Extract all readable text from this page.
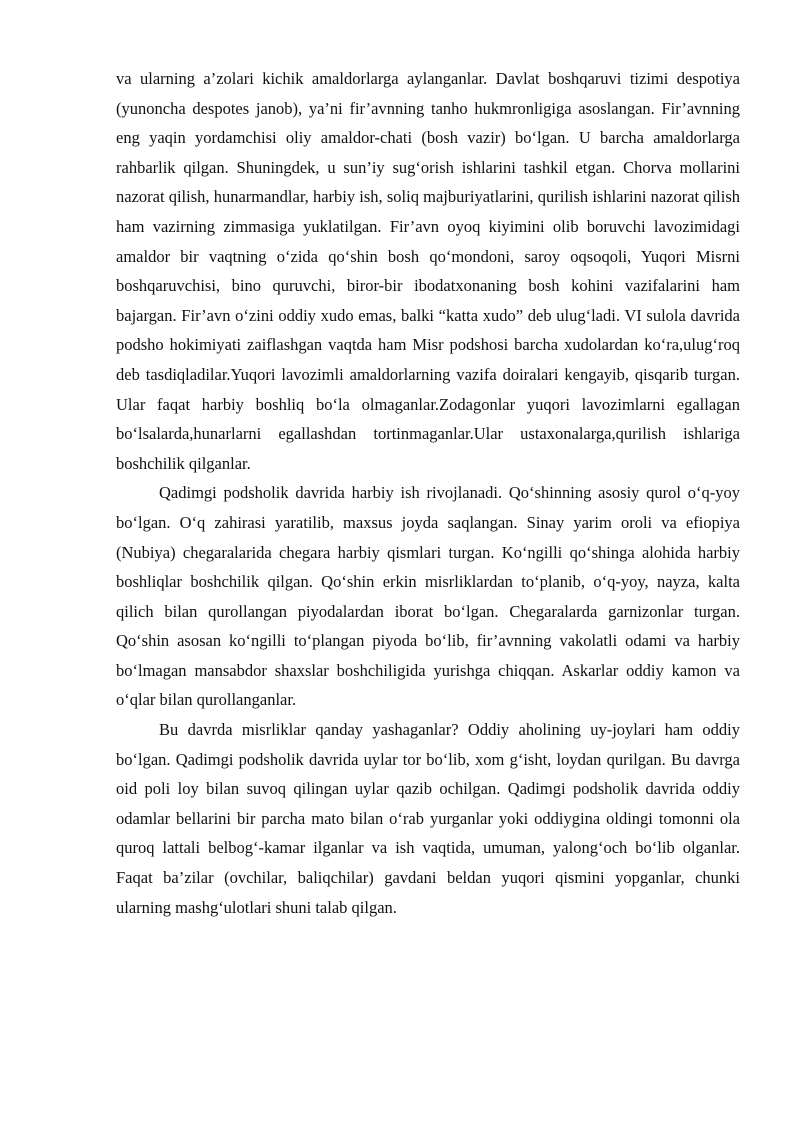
va ularning a’zolari kichik amaldorlarga aylanganlar. Davlat boshqaruvi tizimi despotiya (yunoncha despotes janob), ya’ni fir’avnning tanho hukmronligiga asoslangan. Fir’avnning eng yaqin yordamchisi oliy amaldor-chati (bosh vazir) bo‘lgan. U barcha amaldorlarga rahbarlik qilgan. Shuningdek, u sun’iy sug‘orish ishlarini tashkil etgan. Chorva mollarini nazorat qilish, hunarmandlar, harbiy ish, soliq majburiyatlarini, qurilish ishlarini nazorat qilish ham vazirning zimmasiga yuklatilgan. Fir’avn oyoq kiyimini olib boruvchi lavozimidagi amaldor bir vaqtning o‘zida qo‘shin bosh qo‘mondoni, saroy oqsoqoli, Yuqori Misrni boshqaruvchisi, bino quruvchi, biror-bir ibodatxonaning bosh kohini vazifalarini ham bajargan. Fir’avn o‘zini oddiy xudo emas, balki “katta xudo” deb ulug‘ladi. VI sulola davrida podsho hokimiyati zaiflashgan vaqtda ham Misr podshosi barcha xudolardan ko‘ra,ulug‘roq deb tasdiqladilar.Yuqori lavozimli amaldorlarning vazifa doiralari kengayib, qisqarib turgan. Ular faqat harbiy boshliq bo‘la olmaganlar.Zodagonlar yuqori lavozimlarni egallagan bo‘lsalarda,hunarlarni egallashdan tortinmaganlar.Ular ustaxonalarga,qurilish ishlariga boshchilik qilganlar.

Qadimgi podsholik davrida harbiy ish rivojlanadi. Qo‘shinning asosiy qurol o‘q-yoy bo‘lgan. O‘q zahirasi yaratilib, maxsus joyda saqlangan. Sinay yarim oroli va efiopiya (Nubiya) chegaralarida chegara harbiy qismlari turgan. Ko‘ngilli qo‘shinga alohida harbiy boshliqlar boshchilik qilgan. Qo‘shin erkin misrliklardan to‘planib, o‘q-yoy, nayza, kalta qilich bilan qurollangan piyodalardan iborat bo‘lgan. Chegaralarda garnizonlar turgan. Qo‘shin asosan ko‘ngilli to‘plangan piyoda bo‘lib, fir’avnning vakolatli odami va harbiy bo‘lmagan mansabdor shaxslar boshchiligida yurishga chiqqan. Askarlar oddiy kamon va o‘qlar bilan qurollanganlar.

Bu davrda misrliklar qanday yashaganlar? Oddiy aholining uy-joylari ham oddiy bo‘lgan. Qadimgi podsholik davrida uylar tor bo‘lib, xom g‘isht, loydan qurilgan. Bu davrga oid poli loy bilan suvoq qilingan uylar qazib ochilgan. Qadimgi podsholik davrida oddiy odamlar bellarini bir parcha mato bilan o‘rab yurganlar yoki oddiygina oldingi tomonni ola quroq lattali belbog‘-kamar ilganlar va ish vaqtida, umuman, yalong‘och bo‘lib olganlar. Faqat ba’zilar (ovchilar, baliqchilar) gavdani beldan yuqori qismini yopganlar, chunki ularning mashg‘ulotlari shuni talab qilgan.
